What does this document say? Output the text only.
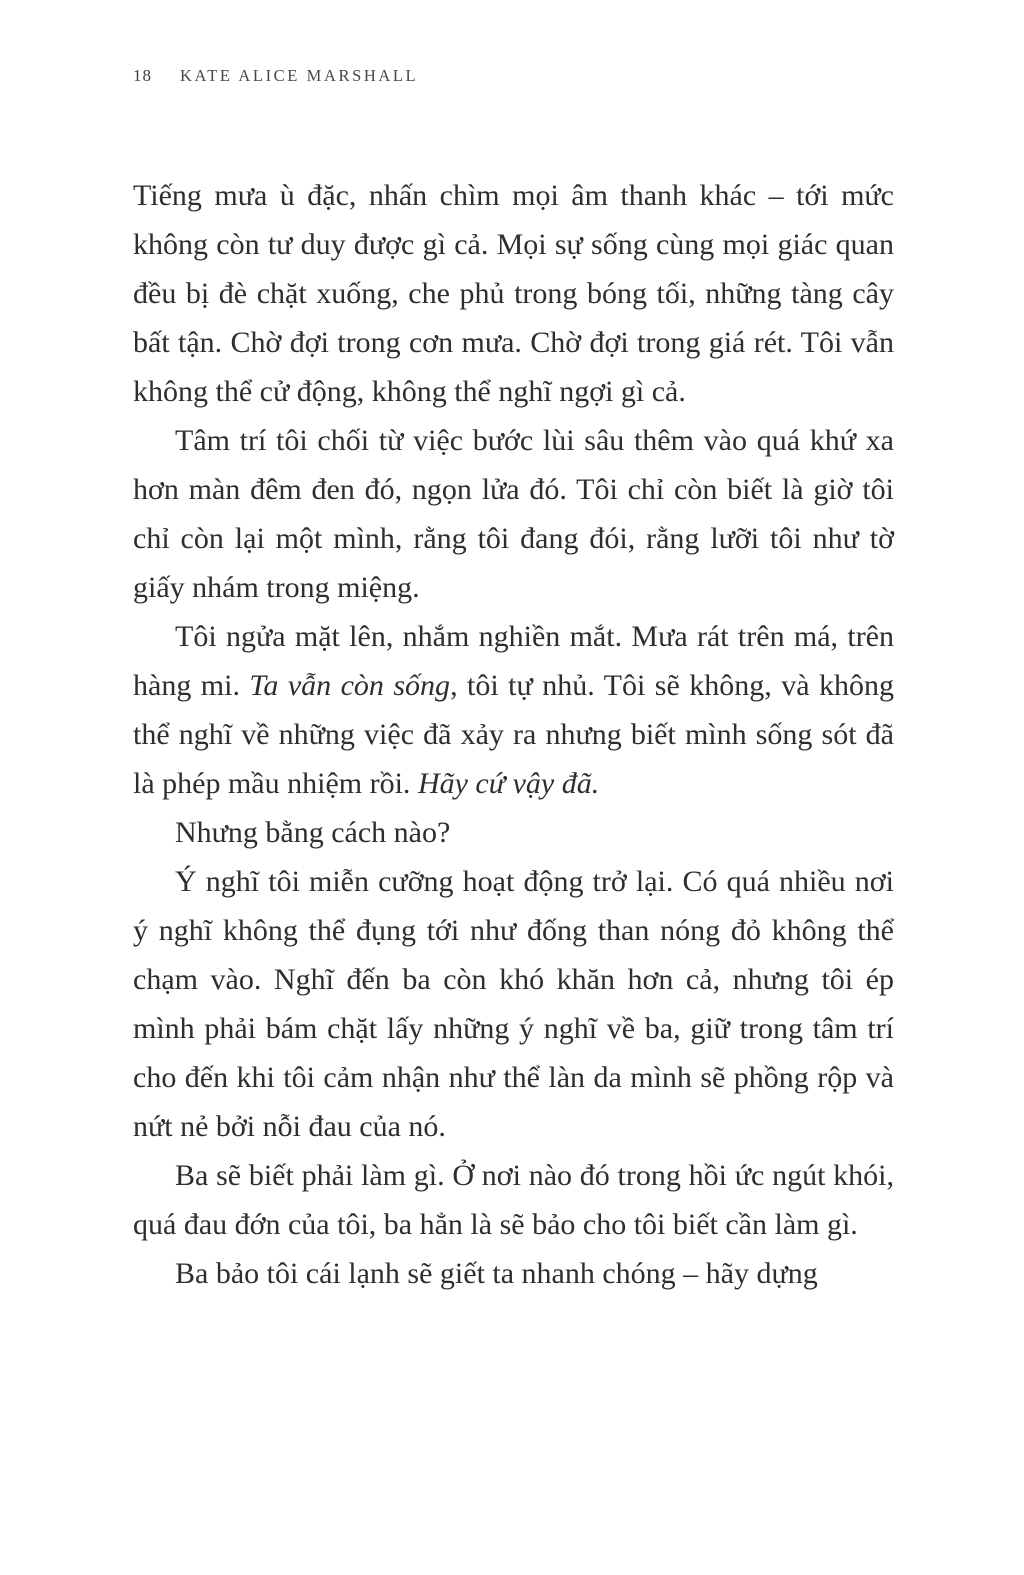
18 KATE ALICE MARSHALL

Tiếng mưa ù đặc, nhấn chìm mọi âm thanh khác – tới mức không còn tư duy được gì cả. Mọi sự sống cùng mọi giác quan đều bị đè chặt xuống, che phủ trong bóng tối, những tàng cây bất tận. Chờ đợi trong cơn mưa. Chờ đợi trong giá rét. Tôi vẫn không thể cử động, không thể nghĩ ngợi gì cả.

Tâm trí tôi chối từ việc bước lùi sâu thêm vào quá khứ xa hơn màn đêm đen đó, ngọn lửa đó. Tôi chỉ còn biết là giờ tôi chỉ còn lại một mình, rằng tôi đang đói, rằng lưỡi tôi như tờ giấy nhám trong miệng.

Tôi ngửa mặt lên, nhắm nghiền mắt. Mưa rát trên má, trên hàng mi. Ta vẫn còn sống, tôi tự nhủ. Tôi sẽ không, và không thể nghĩ về những việc đã xảy ra nhưng biết mình sống sót đã là phép mầu nhiệm rồi. Hãy cứ vậy đã.

Nhưng bằng cách nào?

Ý nghĩ tôi miễn cưỡng hoạt động trở lại. Có quá nhiều nơi ý nghĩ không thể đụng tới như đống than nóng đỏ không thể chạm vào. Nghĩ đến ba còn khó khăn hơn cả, nhưng tôi ép mình phải bám chặt lấy những ý nghĩ về ba, giữ trong tâm trí cho đến khi tôi cảm nhận như thể làn da mình sẽ phồng rộp và nứt nẻ bởi nỗi đau của nó.

Ba sẽ biết phải làm gì. Ở nơi nào đó trong hồi ức ngút khói, quá đau đớn của tôi, ba hẳn là sẽ bảo cho tôi biết cần làm gì.

Ba bảo tôi cái lạnh sẽ giết ta nhanh chóng – hãy dựng
